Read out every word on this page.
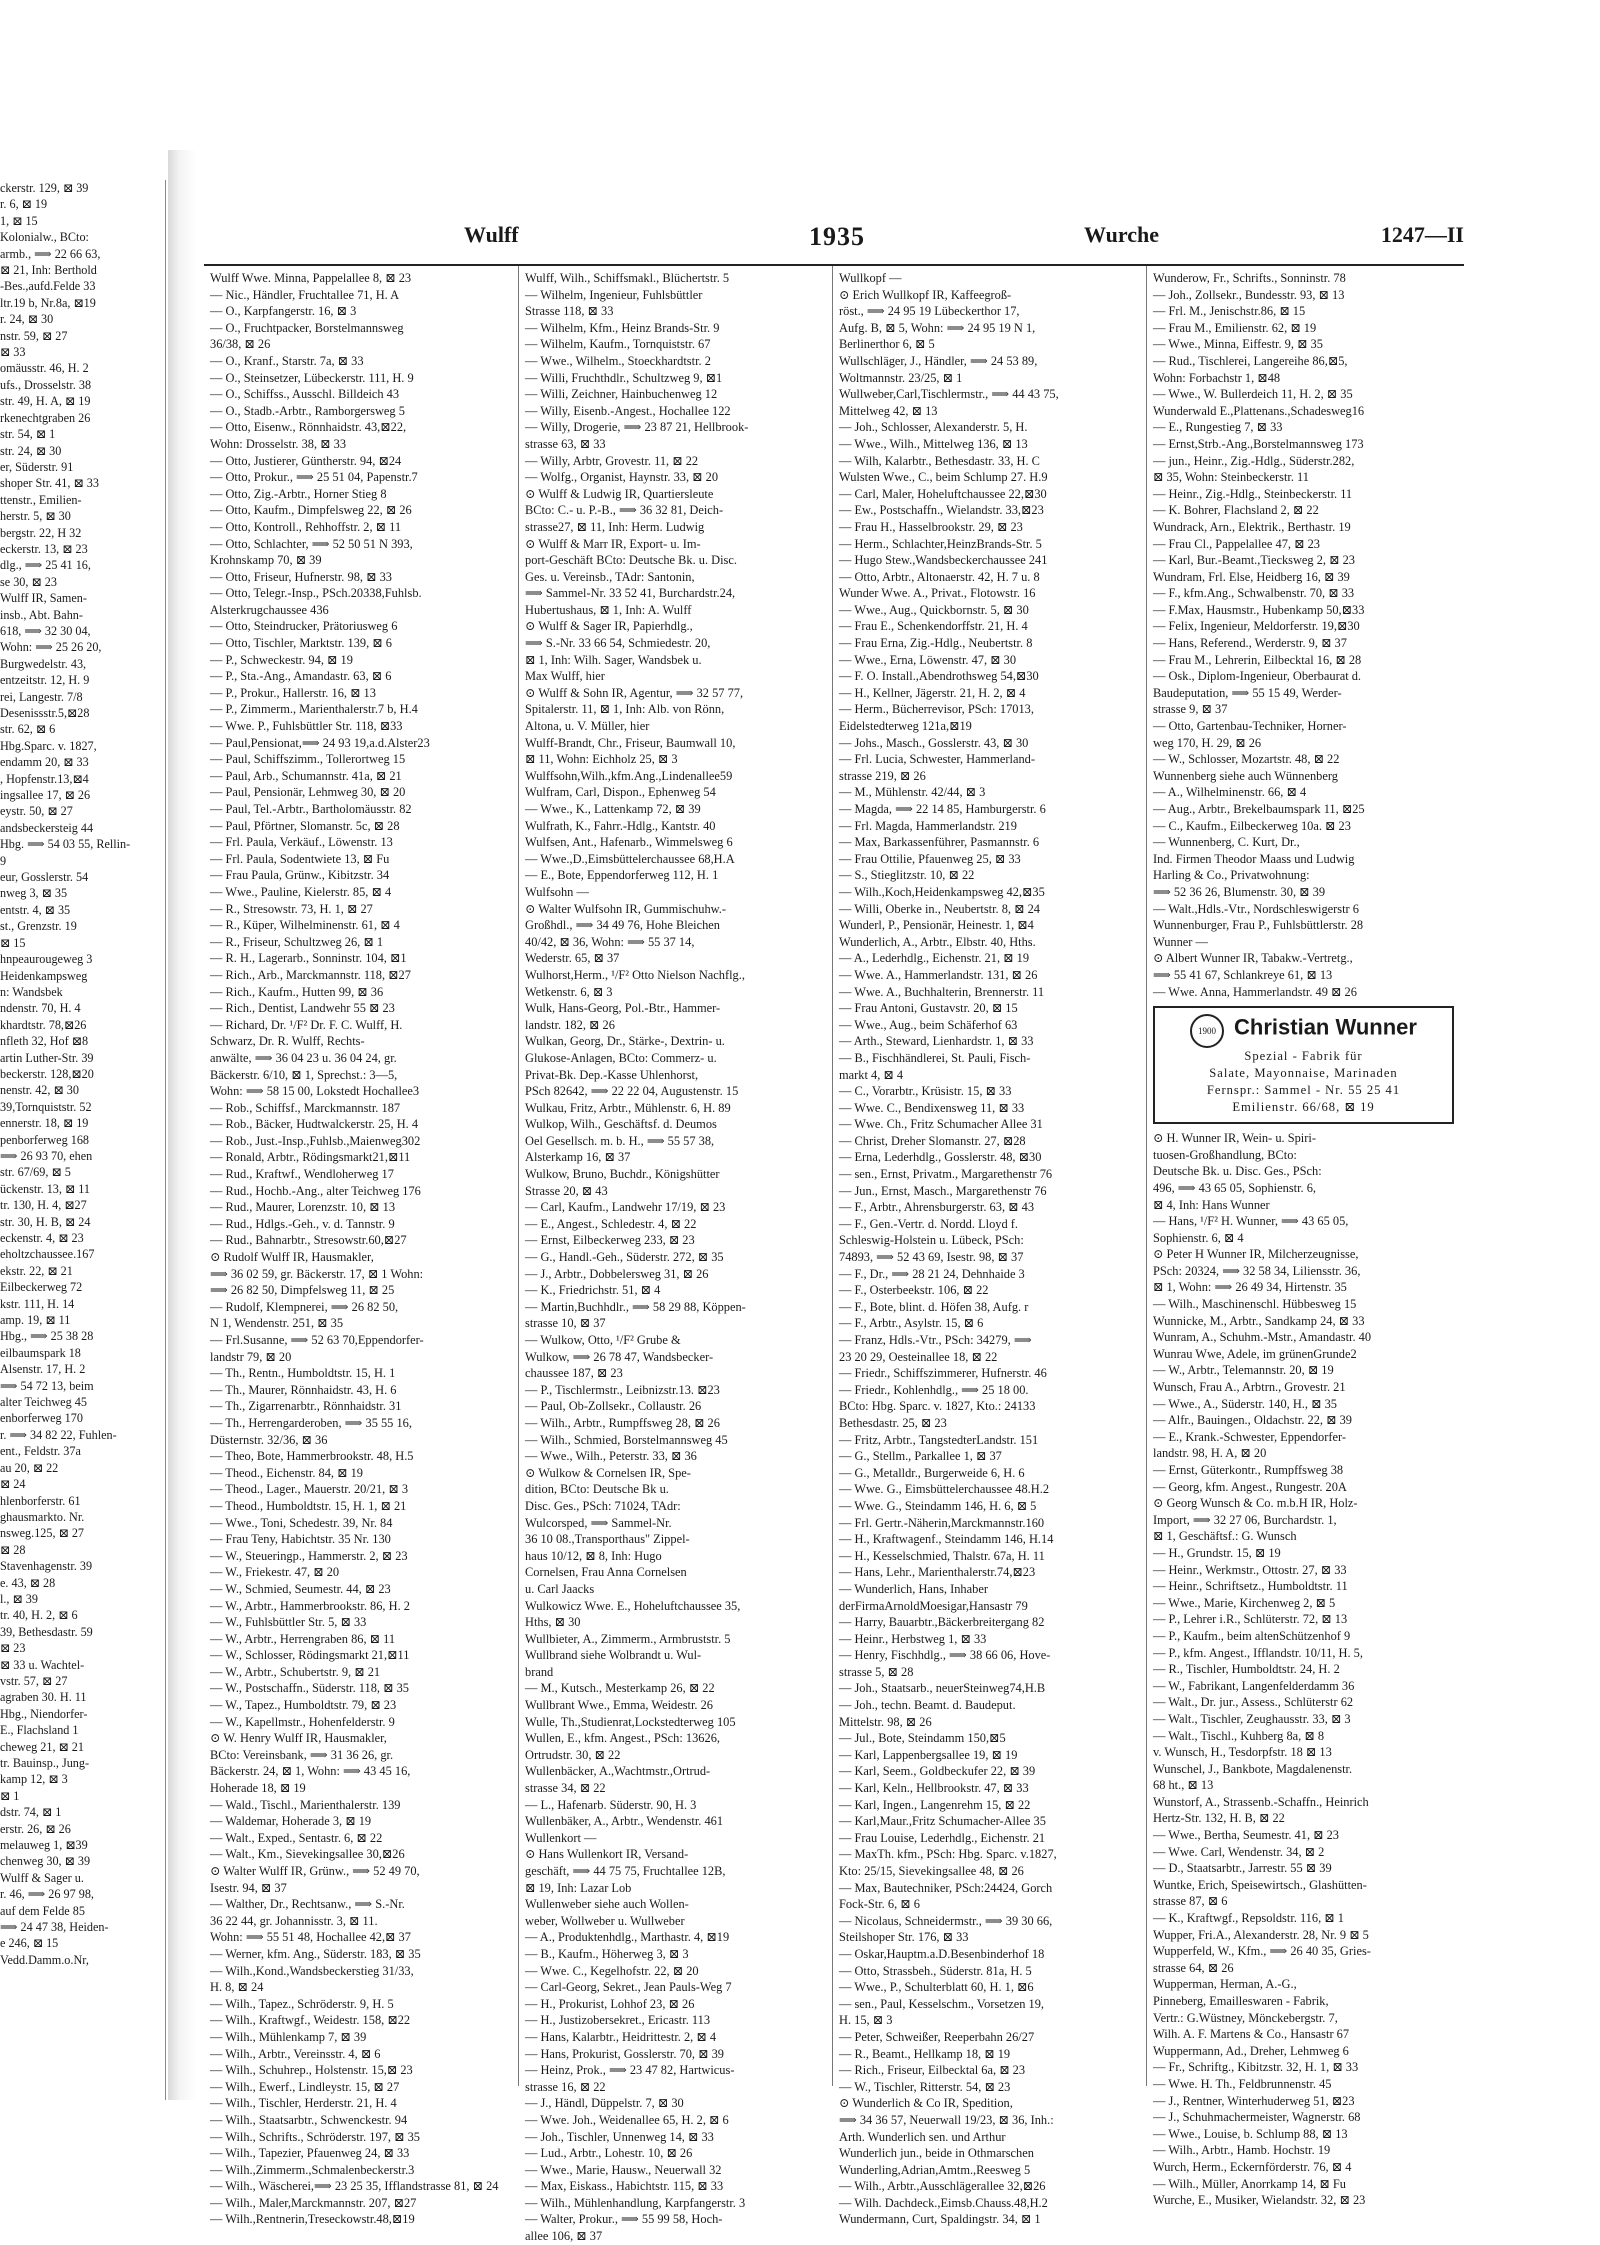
ckerstr. 129, ⊠ 39
r. 6, ⊠ 19
1, ⊠ 15
Kolonialw., BCto:
armb., ⟹ 22 66 63,
⊠ 21, Inh: Berthold
-Bes.,aufd.Felde 33
ltr.19 b, Nr.8a, ⊠19
r. 24, ⊠ 30
nstr. 59, ⊠ 27
⊠ 33
omäusstr. 46, H. 2
ufs., Drosselstr. 38
str. 49, H. A, ⊠ 19
rkenechtgraben 26
str. 54, ⊠ 1
str. 24, ⊠ 30
er, Süderstr. 91
shoper Str. 41, ⊠ 33
ttenstr., Emilien-
herstr. 5, ⊠ 30
bergstr. 22, H 32
eckerstr. 13, ⊠ 23
dlg., ⟹ 25 41 16,
se 30, ⊠ 23
Wulff IR, Samen-
insb., Abt. Bahn-
618, ⟹ 32 30 04,
Wohn: ⟹ 25 26 20,
Burgwedelstr. 43,
entzeitstr. 12, H. 9
rei, Langestr. 7/8
Desenissstr.5,⊠28
str. 62, ⊠ 6
Hbg.Sparc. v. 1827,
endamm 20, ⊠ 33
, Hopfenstr.13,⊠4
ingsallee 17, ⊠ 26
eystr. 50, ⊠ 27
andsbeckersteig 44
Hbg. ⟹ 54 03 55, Rellin-
9
eur, Gosslerstr. 54
nweg 3, ⊠ 35
entstr. 4, ⊠ 35
st., Grenzstr. 19
⊠ 15
hnpeaurougeweg 3
Heidenkampsweg
n: Wandsbek
ndenstr. 70, H. 4
khardtstr. 78,⊠26
nfleth 32, Hof ⊠8
artin Luther-Str. 39
beckerstr. 128,⊠20
nenstr. 42, ⊠ 30
39,Tornquiststr. 52
ennerstr. 18, ⊠ 19
penborferweg 168
⟹ 26 93 70, ehen
str. 67/69, ⊠ 5
ückenstr. 13, ⊠ 11
tr. 130, H. 4, ⊠27
str. 30, H. B, ⊠ 24
eckenstr. 4, ⊠ 23
eholtzchaussee.167
ekstr. 22, ⊠ 21
Eilbeckerweg 72
kstr. 111, H. 14
amp. 19, ⊠ 11
Hbg., ⟹ 25 38 28
eilbaumspark 18
Alsenstr. 17, H. 2
⟹ 54 72 13, beim
alter Teichweg 45
enborferweg 170
r. ⟹ 34 82 22, Fuhlen-
ent., Feldstr. 37a
au 20, ⊠ 22
⊠ 24
hlenborferstr. 61
ghausmarkto. Nr.
nsweg.125, ⊠ 27
⊠ 28
Stavenhagenstr. 39
e. 43, ⊠ 28
l., ⊠ 39
tr. 40, H. 2, ⊠ 6
39, Bethesdastr. 59
⊠ 23
⊠ 33 u. Wachtel-
vstr. 57, ⊠ 27
agraben 30. H. 11
Hbg., Niendorfer-
E., Flachsland 1
cheweg 21, ⊠ 21
tr. Bauinsp., Jung-
kamp 12, ⊠ 3
⊠ 1
dstr. 74, ⊠ 1
erstr. 26, ⊠ 26
melauweg 1, ⊠39
chenweg 30, ⊠ 39
Wulff & Sager u.
r. 46, ⟹ 26 97 98,
auf dem Felde 85
⟹ 24 47 38, Heiden-
e 246, ⊠ 15
Vedd.Damm.o.Nr,
Wulff	1935	Wurche	1247—II
Wulff Wwe. Minna, Pappelallee 8, ⊠ 23
— Nic., Händler, Fruchtallee 71, H. A
— O., Karpfangerstr. 16, ⊠ 3
— O., Fruchtpacker, Borstelmannsweg
36/38, ⊠ 26
— O., Kranf., Starstr. 7a, ⊠ 33
— O., Steinsetzer, Lübeckerstr. 111, H. 9
— O., Schiffss., Ausschl. Billdeich 43
— O., Stadb.-Arbtr., Ramborgersweg 5
— Otto, Eisenw., Rönnhaidstr. 43,⊠22,
Wohn: Drosselstr. 38, ⊠ 33
— Otto, Justierer, Güntherstr. 94, ⊠24
— Otto, Prokur., ⟹ 25 51 04, Papenstr.7
— Otto, Zig.-Arbtr., Horner Stieg 8
— Otto, Kaufm., Dimpfelsweg 22, ⊠ 26
— Otto, Kontroll., Rehhoffstr. 2, ⊠ 11
— Otto, Schlachter, ⟹ 52 50 51 N 393,
Krohnskamp 70, ⊠ 39
— Otto, Friseur, Hufnerstr. 98, ⊠ 33
— Otto, Telegr.-Insp., PSch.20338,Fuhlsb.
Alsterkrugchaussee 436
— Otto, Steindrucker, Prätoriusweg 6
— Otto, Tischler, Marktstr. 139, ⊠ 6
— P., Schweckestr. 94, ⊠ 19
— P., Sta.-Ang., Amandastr. 63, ⊠ 6
— P., Prokur., Hallerstr. 16, ⊠ 13
— P., Zimmerm., Marienthalerstr.7 b, H.4
— Wwe. P., Fuhlsbüttler Str. 118, ⊠33
— Paul,Pensionat,⟹ 24 93 19,a.d.Alster23
— Paul, Schiffszimm., Tollerortweg 15
— Paul, Arb., Schumannstr. 41a, ⊠ 21
— Paul, Pensionär, Lehmweg 30, ⊠ 20
— Paul, Tel.-Arbtr., Bartholomäusstr. 82
— Paul, Pförtner, Slomanstr. 5c, ⊠ 28
— Frl. Paula, Verkäuf., Löwenstr. 13
— Frl. Paula, Sodentwiete 13, ⊠ Fu
— Frau Paula, Grünw., Kibitzstr. 34
— Wwe., Pauline, Kielerstr. 85, ⊠ 4
— R., Stresowstr. 73, H. 1, ⊠ 27
— R., Küper, Wilhelminenstr. 61, ⊠ 4
— R., Friseur, Schultzweg 26, ⊠ 1
— R. H., Lagerarb., Sonninstr. 104, ⊠1
— Rich., Arb., Marckmannstr. 118, ⊠27
— Rich., Kaufm., Hutten 99, ⊠ 36
— Rich., Dentist, Landwehr 55 ⊠ 23
— Richard, Dr. ¹/F² Dr. F. C. Wulff, H.
Schwarz, Dr. R. Wulff, Rechts-
anwälte, ⟹ 36 04 23 u. 36 04 24, gr.
Bäckerstr. 6/10, ⊠ 1, Sprechst.: 3—5,
Wohn: ⟹ 58 15 00, Lokstedt Hochallee3
— Rob., Schiffsf., Marckmannstr. 187
— Rob., Bäcker, Hudtwalckerstr. 25, H. 4
— Rob., Just.-Insp.,Fuhlsb.,Maienweg302
— Ronald, Arbtr., Rödingsmarkt21,⊠11
— Rud., Kraftwf., Wendloherweg 17
— Rud., Hochb.-Ang., alter Teichweg 176
— Rud., Maurer, Lorenzstr. 10, ⊠ 13
— Rud., Hdlgs.-Geh., v. d. Tannstr. 9
— Rud., Bahnarbtr., Stresowstr.60,⊠27
⊙ Rudolf Wulff IR, Hausmakler,
⟹ 36 02 59, gr. Bäckerstr. 17, ⊠ 1 Wohn:
⟹ 26 82 50, Dimpfelsweg 11, ⊠ 25
— Rudolf, Klempnerei, ⟹ 26 82 50,
N 1, Wendenstr. 251, ⊠ 35
— Frl.Susanne, ⟹ 52 63 70,Eppendorfer-
landstr 79, ⊠ 20
— Th., Rentn., Humboldtstr. 15, H. 1
— Th., Maurer, Rönnhaidstr. 43, H. 6
— Th., Zigarrenarbtr., Rönnhaidstr. 31
— Th., Herrengarderoben, ⟹ 35 55 16,
Düsternstr. 32/36, ⊠ 36
— Theo, Bote, Hammerbrookstr. 48, H.5
— Theod., Eichenstr. 84, ⊠ 19
— Theod., Lager., Mauerstr. 20/21, ⊠ 3
— Theod., Humboldtstr. 15, H. 1, ⊠ 21
— Wwe., Toni, Schedestr. 39, Nr. 84
— Frau Teny, Habichtstr. 35 Nr. 130
— W., Steueringp., Hammerstr. 2, ⊠ 23
— W., Friekestr. 47, ⊠ 20
— W., Schmied, Seumestr. 44, ⊠ 23
— W., Arbtr., Hammerbrookstr. 86, H. 2
— W., Fuhlsbüttler Str. 5, ⊠ 33
— W., Arbtr., Herrengraben 86, ⊠ 11
— W., Schlosser, Rödingsmarkt 21,⊠11
— W., Arbtr., Schubertstr. 9, ⊠ 21
— W., Postschaffn., Süderstr. 118, ⊠ 35
— W., Tapez., Humboldtstr. 79, ⊠ 23
— W., Kapellmstr., Hohenfelderstr. 9
⊙ W. Henry Wulff IR, Hausmakler,
BCto: Vereinsbank, ⟹ 31 36 26, gr.
Bäckerstr. 24, ⊠ 1, Wohn: ⟹ 43 45 16,
Hoherade 18, ⊠ 19
— Wald., Tischl., Marienthalerstr. 139
— Waldemar, Hoherade 3, ⊠ 19
— Walt., Exped., Sentastr. 6, ⊠ 22
— Walt., Km., Sievekingsallee 30,⊠26
⊙ Walter Wulff IR, Grünw., ⟹ 52 49 70,
Isestr. 94, ⊠ 37
— Walther, Dr., Rechtsanw., ⟹ S.-Nr.
36 22 44, gr. Johannisstr. 3, ⊠ 11.
Wohn: ⟹ 55 51 48, Hochallee 42,⊠ 37
— Werner, kfm. Ang., Süderstr. 183, ⊠ 35
— Wilh.,Kond.,Wandsbeckerstieg 31/33,
H. 8, ⊠ 24
— Wilh., Tapez., Schröderstr. 9, H. 5
— Wilh., Kraftwgf., Weidestr. 158, ⊠22
— Wilh., Mühlenkamp 7, ⊠ 39
— Wilh., Arbtr., Vereinsstr. 4, ⊠ 6
— Wilh., Schuhrep., Holstenstr. 15,⊠ 23
— Wilh., Ewerf., Lindleystr. 15, ⊠ 27
— Wilh., Tischler, Herderstr. 21, H. 4
— Wilh., Staatsarbtr., Schwenckestr. 94
— Wilh., Schrifts., Schröderstr. 197, ⊠ 35
— Wilh., Tapezier, Pfauenweg 24, ⊠ 33
— Wilh.,Zimmerm.,Schmalenbeckerstr.3
— Wilh., Wäscherei,⟹ 23 25 35, Ifflandstrasse 81, ⊠ 24
— Wilh., Maler,Marckmannstr. 207, ⊠27
— Wilh.,Rentnerin,Treseckowstr.48,⊠19
Wulff, Wilh., Schiffsmakl., Blüchertstr. 5
— Wilhelm, Ingenieur, Fuhlsbüttler
Strasse 118, ⊠ 33
— Wilhelm, Kfm., Heinz Brands-Str. 9
— Wilhelm, Kaufm., Tornquiststr. 67
— Wwe., Wilhelm., Stoeckhardtstr. 2
— Willi, Fruchthdlr., Schultzweg 9, ⊠1
— Willi, Zeichner, Hainbuchenweg 12
— Willy, Eisenb.-Angest., Hochallee 122
— Willy, Drogerie, ⟹ 23 87 21, Hellbrook-
strasse 63, ⊠ 33
— Willy, Arbtr, Grovestr. 11, ⊠ 22
— Wolfg., Organist, Haynstr. 33, ⊠ 20
⊙ Wulff & Ludwig IR, Quartiersleute
BCto: C.- u. P.-B., ⟹ 36 32 81, Deich-
strasse27, ⊠ 11, Inh: Herm. Ludwig
⊙ Wulff & Marr IR, Export- u. Im-
port-Geschäft BCto: Deutsche Bk. u. Disc.
Ges. u. Vereinsb., TAdr: Santonin,
⟹ Sammel-Nr. 33 52 41, Burchardstr.24,
Hubertushaus, ⊠ 1, Inh: A. Wulff
⊙ Wulff & Sager IR, Papierhdlg.,
⟹ S.-Nr. 33 66 54, Schmiedestr. 20,
⊠ 1, Inh: Wilh. Sager, Wandsbek u.
Max Wulff, hier
⊙ Wulff & Sohn IR, Agentur, ⟹ 32 57 77,
Spitalerstr. 11, ⊠ 1, Inh: Alb. von Rönn,
Altona, u. V. Müller, hier
Wulff-Brandt, Chr., Friseur, Baumwall 10,
⊠ 11, Wohn: Eichholz 25, ⊠ 3
Wulffsohn,Wilh.,kfm.Ang.,Lindenallee59
Wulfram, Carl, Dispon., Ephenweg 54
— Wwe., K., Lattenkamp 72, ⊠ 39
Wulfrath, K., Fahrr.-Hdlg., Kantstr. 40
Wulfsen, Ant., Hafenarb., Wimmelsweg 6
— Wwe.,D.,Eimsbüttelerchaussee 68,H.A
— E., Bote, Eppendorferweg 112, H. 1
Wulfsohn —
⊙ Walter Wulfsohn IR, Gummischuhw.-
Großhdl., ⟹ 34 49 76, Hohe Bleichen
40/42, ⊠ 36, Wohn: ⟹ 55 37 14,
Wederstr. 65, ⊠ 37
Wulhorst,Herm., ¹/F² Otto Nielson Nachflg.,
Wetkenstr. 6, ⊠ 3
Wulk, Hans-Georg, Pol.-Btr., Hammer-
landstr. 182, ⊠ 26
Wulkan, Georg, Dr., Stärke-, Dextrin- u.
Glukose-Anlagen, BCto: Commerz- u.
Privat-Bk. Dep.-Kasse Uhlenhorst,
PSch 82642, ⟹ 22 22 04, Augustenstr. 15
Wulkau, Fritz, Arbtr., Mühlenstr. 6, H. 89
Wulkop, Wilh., Geschäftsf. d. Deumos
Oel Gesellsch. m. b. H., ⟹ 55 57 38,
Alsterkamp 16, ⊠ 37
Wulkow, Bruno, Buchdr., Königshütter
Strasse 20, ⊠ 43
— Carl, Kaufm., Landwehr 17/19, ⊠ 23
— E., Angest., Schledestr. 4, ⊠ 22
— Ernst, Eilbeckerweg 233, ⊠ 23
— G., Handl.-Geh., Süderstr. 272, ⊠ 35
— J., Arbtr., Dobbelersweg 31, ⊠ 26
— K., Friedrichstr. 51, ⊠ 4
— Martin,Buchhdlr., ⟹ 58 29 88, Köppen-
strasse 10, ⊠ 37
— Wulkow, Otto, ¹/F² Grube &
Wulkow, ⟹ 26 78 47, Wandsbecker-
chaussee 187, ⊠ 23
— P., Tischlermstr., Leibnizstr.13. ⊠23
— Paul, Ob-Zollsekr., Collaustr. 26
— Wilh., Arbtr., Rumpffsweg 28, ⊠ 26
— Wilh., Schmied, Borstelmannsweg 45
— Wwe., Wilh., Peterstr. 33, ⊠ 36
⊙ Wulkow & Cornelsen IR, Spe-
dition, BCto: Deutsche Bk u.
Disc. Ges., PSch: 71024, TAdr:
Wulcorsped, ⟹ Sammel-Nr.
36 10 08.,Transporthaus" Zippel-
haus 10/12, ⊠ 8, Inh: Hugo
Cornelsen, Frau Anna Cornelsen
u. Carl Jaacks
Wulkowicz Wwe. E., Hoheluftchaussee 35,
Hths, ⊠ 30
Wullbieter, A., Zimmerm., Armbruststr. 5
Wullbrand siehe Wolbrandt u. Wul-
brand
— M., Kutsch., Mesterkamp 26, ⊠ 22
Wullbrant Wwe., Emma, Weidestr. 26
Wulle, Th.,Studienrat,Lockstedterweg 105
Wullen, E., kfm. Angest., PSch: 13626,
Ortrudstr. 30, ⊠ 22
Wullenbäcker, A.,Wachtmstr.,Ortrud-
strasse 34, ⊠ 22
— L., Hafenarb. Süderstr. 90, H. 3
Wullenbäker, A., Arbtr., Wendenstr. 461
Wullenkort —
⊙ Hans Wullenkort IR, Versand-
geschäft, ⟹ 44 75 75, Fruchtallee 12B,
⊠ 19, Inh: Lazar Lob
Wullenweber siehe auch Wollen-
weber, Wollweber u. Wullweber
— A., Produktenhdlg., Marthastr. 4, ⊠19
— B., Kaufm., Höherweg 3, ⊠ 3
— Wwe. C., Kegelhofstr. 22, ⊠ 20
— Carl-Georg, Sekret., Jean Pauls-Weg 7
— H., Prokurist, Lohhof 23, ⊠ 26
— H., Justizobersekret., Ericastr. 113
— Hans, Kalarbtr., Heidrittestr. 2, ⊠ 4
— Hans, Prokurist, Gosslerstr. 70, ⊠ 39
— Heinz, Prok., ⟹ 23 47 82, Hartwicus-
strasse 16, ⊠ 22
— J., Händl, Düppelstr. 7, ⊠ 30
— Wwe. Joh., Weidenallee 65, H. 2, ⊠ 6
— Joh., Tischler, Unnenweg 14, ⊠ 33
— Lud., Arbtr., Lohestr. 10, ⊠ 26
— Wwe., Marie, Hausw., Neuerwall 32
— Max, Eiskass., Habichtstr. 115, ⊠ 33
— Wilh., Mühlenhandlung, Karpfangerstr. 3
— Walter, Prokur., ⟹ 55 99 58, Hoch-
allee 106, ⊠ 37
Wullkopf —
⊙ Erich Wullkopf IR, Kaffeegroß-
röst., ⟹ 24 95 19 Lübeckerthor 17,
Aufg. B, ⊠ 5, Wohn: ⟹ 24 95 19 N 1,
Berlinerthor 6, ⊠ 5
Wullschläger, J., Händler, ⟹ 24 53 89,
Woltmannstr. 23/25, ⊠ 1
Wullweber,Carl,Tischlermstr., ⟹ 44 43 75,
Mittelweg 42, ⊠ 13
— Joh., Schlosser, Alexanderstr. 5, H.
— Wwe., Wilh., Mittelweg 136, ⊠ 13
— Wilh, Kalarbtr., Bethesdastr. 33, H. C
Wulsten Wwe., C., beim Schlump 27. H.9
— Carl, Maler, Hoheluftchaussee 22,⊠30
— Ew., Postschaffn., Wielandstr. 33,⊠23
— Frau H., Hasselbrookstr. 29, ⊠ 23
— Herm., Schlachter,HeinzBrands-Str. 5
— Hugo Stew.,Wandsbeckerchaussee 241
— Otto, Arbtr., Altonaerstr. 42, H. 7 u. 8
Wunder Wwe. A., Privat., Flotowstr. 16
— Wwe., Aug., Quickbornstr. 5, ⊠ 30
— Frau E., Schenkendorffstr. 21, H. 4
— Frau Erna, Zig.-Hdlg., Neubertstr. 8
— Wwe., Erna, Löwenstr. 47, ⊠ 30
— F. O. Install.,Abendrothsweg 54,⊠30
— H., Kellner, Jägerstr. 21, H. 2, ⊠ 4
— Herm., Bücherrevisor, PSch: 17013,
Eidelstedterweg 121a,⊠19
— Johs., Masch., Gosslerstr. 43, ⊠ 30
— Frl. Lucia, Schwester, Hammerland-
strasse 219, ⊠ 26
— M., Mühlenstr. 42/44, ⊠ 3
— Magda, ⟹ 22 14 85, Hamburgerstr. 6
— Frl. Magda, Hammerlandstr. 219
— Max, Barkassenführer, Pasmannstr. 6
— Frau Ottilie, Pfauenweg 25, ⊠ 33
— S., Stieglitzstr. 10, ⊠ 22
— Wilh.,Koch,Heidenkampsweg 42,⊠35
— Willi, Oberke in., Neubertstr. 8, ⊠ 24
Wunderl, P., Pensionär, Heinestr. 1, ⊠4
Wunderlich, A., Arbtr., Elbstr. 40, Hths.
— A., Lederhdlg., Eichenstr. 21, ⊠ 19
— Wwe. A., Hammerlandstr. 131, ⊠ 26
— Wwe. A., Buchhalterin, Brennerstr. 11
— Frau Antoni, Gustavstr. 20, ⊠ 15
— Wwe., Aug., beim Schäferhof 63
— Arth., Steward, Lienhardstr. 1, ⊠ 33
— B., Fischhändlerei, St. Pauli, Fisch-
markt 4, ⊠ 4
— C., Vorarbtr., Krüsistr. 15, ⊠ 33
— Wwe. C., Bendixensweg 11, ⊠ 33
— Wwe. Ch., Fritz Schumacher Allee 31
— Christ, Dreher Slomanstr. 27, ⊠28
— Erna, Lederhdlg., Gosslerstr. 48, ⊠30
— sen., Ernst, Privatm., Margarethenstr 76
— Jun., Ernst, Masch., Margarethenstr 76
— F., Arbtr., Ahrensburgerstr. 63, ⊠ 43
— F., Gen.-Vertr. d. Nordd. Lloyd f.
Schleswig-Holstein u. Lübeck, PSch:
74893, ⟹ 52 43 69, Isestr. 98, ⊠ 37
— F., Dr., ⟹ 28 21 24, Dehnhaide 3
— F., Osterbeekstr. 106, ⊠ 22
— F., Bote, blint. d. Höfen 38, Aufg. r
— F., Arbtr., Asylstr. 15, ⊠ 6
— Franz, Hdls.-Vtr., PSch: 34279, ⟹
23 20 29, Oesteinallee 18, ⊠ 22
— Friedr., Schiffszimmerer, Hufnerstr. 46
— Friedr., Kohlenhdlg., ⟹ 25 18 00.
BCto: Hbg. Sparc. v. 1827, Kto.: 24133
Bethesdastr. 25, ⊠ 23
— Fritz, Arbtr., TangstedterLandstr. 151
— G., Stellm., Parkallee 1, ⊠ 37
— G., Metalldr., Burgerweide 6, H. 6
— Wwe. G., Eimsbüttelerchaussee 48.H.2
— Wwe. G., Steindamm 146, H. 6, ⊠ 5
— Frl. Gertr.-Näherin,Marckmannstr.160
— H., Kraftwagenf., Steindamm 146, H.14
— H., Kesselschmied, Thalstr. 67a, H. 11
— Hans, Lehr., Marienthalerstr.74,⊠23
— Wunderlich, Hans, Inhaber
derFirmaArnoldMoesigar,Hansastr 79
— Harry, Bauarbtr.,Bäckerbreitergang 82
— Heinr., Herbstweg 1, ⊠ 33
— Henry, Fischhdlg., ⟹ 38 66 06, Hove-
strasse 5, ⊠ 28
— Joh., Staatsarb., neuerSteinweg74,H.B
— Joh., techn. Beamt. d. Baudeput.
Mittelstr. 98, ⊠ 26
— Jul., Bote, Steindamm 150,⊠5
— Karl, Lappenbergsallee 19, ⊠ 19
— Karl, Seem., Goldbeckufer 22, ⊠ 39
— Karl, Keln., Hellbrookstr. 47, ⊠ 33
— Karl, Ingen., Langenrehm 15, ⊠ 22
— Karl,Maur.,Fritz Schumacher-Allee 35
— Frau Louise, Lederhdlg., Eichenstr. 21
— MaxTh. kfm., PSch: Hbg. Sparc. v.1827,
Kto: 25/15, Sievekingsallee 48, ⊠ 26
— Max, Bautechniker, PSch:24424, Gorch
Fock-Str. 6, ⊠ 6
— Nicolaus, Schneidermstr., ⟹ 39 30 66,
Steilshoper Str. 176, ⊠ 33
— Oskar,Hauptm.a.D.Besenbinderhof 18
— Otto, Strassbeh., Süderstr. 81a, H. 5
— Wwe., P., Schulterblatt 60, H. 1, ⊠6
— sen., Paul, Kesselschm., Vorsetzen 19,
H. 15, ⊠ 3
— Peter, Schweißer, Reeperbahn 26/27
— R., Beamt., Hellkamp 18, ⊠ 19
— Rich., Friseur, Eilbecktal 6a, ⊠ 23
— W., Tischler, Ritterstr. 54, ⊠ 23
⊙ Wunderlich & Co IR, Spedition,
⟹ 34 36 57, Neuerwall 19/23, ⊠ 36, Inh.:
Arth. Wunderlich sen. und Arthur
Wunderlich jun., beide in Othmarschen
Wunderling,Adrian,Amtm.,Reesweg 5
— Wilh., Arbtr.,Ausschlägerallee 32,⊠26
— Wilh. Dachdeck.,Eimsb.Chauss.48,H.2
Wundermann, Curt, Spaldingstr. 34, ⊠ 1
Wunderow, Fr., Schrifts., Sonninstr. 78
— Joh., Zollsekr., Bundesstr. 93, ⊠ 13
— Frl. M., Jenischstr.86, ⊠ 15
— Frau M., Emilienstr. 62, ⊠ 19
— Wwe., Minna, Eiffestr. 9, ⊠ 35
— Rud., Tischlerei, Langereihe 86,⊠5,
Wohn: Forbachstr 1, ⊠48
— Wwe., W. Bullerdeich 11, H. 2, ⊠ 35
Wunderwald E.,Plattenans.,Schadesweg16
— E., Rungestieg 7, ⊠ 33
— Ernst,Strb.-Ang.,Borstelmannsweg 173
— jun., Heinr., Zig.-Hdlg., Süderstr.282,
⊠ 35, Wohn: Steinbeckerstr. 11
— Heinr., Zig.-Hdlg., Steinbeckerstr. 11
— K. Bohrer, Flachsland 2, ⊠ 22
Wundrack, Arn., Elektrik., Berthastr. 19
— Frau Cl., Pappelallee 47, ⊠ 23
— Karl, Bur.-Beamt.,Tiecksweg 2, ⊠ 23
Wundram, Frl. Else, Heidberg 16, ⊠ 39
— F., kfm.Ang., Schwalbenstr. 70, ⊠ 33
— F.Max, Hausmstr., Hubenkamp 50,⊠33
— Felix, Ingenieur, Meldorferstr. 19,⊠30
— Hans, Referend., Werderstr. 9, ⊠ 37
— Frau M., Lehrerin, Eilbecktal 16, ⊠ 28
— Osk., Diplom-Ingenieur, Oberbaurat d.
Baudeputation, ⟹ 55 15 49, Werder-
strasse 9, ⊠ 37
— Otto, Gartenbau-Techniker, Horner-
weg 170, H. 29, ⊠ 26
— W., Schlosser, Mozartstr. 48, ⊠ 22
Wunnenberg siehe auch Wünnenberg
— A., Wilhelminenstr. 66, ⊠ 4
— Aug., Arbtr., Brekelbaumspark 11, ⊠25
— C., Kaufm., Eilbeckerweg 10a. ⊠ 23
— Wunnenberg, C. Kurt, Dr.,
Ind. Firmen Theodor Maass und Ludwig
Harling & Co., Privatwohnung:
⟹ 52 36 26, Blumenstr. 30, ⊠ 39
— Walt.,Hdls.-Vtr., Nordschleswigerstr 6
Wunnenburger, Frau P., Fuhlsbüttlerstr. 28
Wunner —
⊙ Albert Wunner IR, Tabakw.-Vertretg.,
⟹ 55 41 67, Schlankreye 61, ⊠ 13
— Wwe. Anna, Hammerlandstr. 49 ⊠ 26
1900 Christian Wunner
Spezial - Fabrik für
Salate, Mayonnaise, Marinaden
Fernspr.: Sammel - Nr. 55 25 41
Emilienstr. 66/68, ⊠ 19
⊙ H. Wunner IR, Wein- u. Spiri-
tuosen-Großhandlung, BCto:
Deutsche Bk. u. Disc. Ges., PSch:
496, ⟹ 43 65 05, Sophienstr. 6,
⊠ 4, Inh: Hans Wunner
— Hans, ¹/F² H. Wunner, ⟹ 43 65 05,
Sophienstr. 6, ⊠ 4
⊙ Peter H Wunner IR, Milcherzeugnisse,
PSch: 20324, ⟹ 32 58 34, Liliensstr. 36,
⊠ 1, Wohn: ⟹ 26 49 34, Hirtenstr. 35
— Wilh., Maschinenschl. Hübbesweg 15
Wunnicke, M., Arbtr., Sandkamp 24, ⊠ 33
Wunram, A., Schuhm.-Mstr., Amandastr. 40
Wunrau Wwe, Adele, im grünenGrunde2
— W., Arbtr., Telemannstr. 20, ⊠ 19
Wunsch, Frau A., Arbtrn., Grovestr. 21
— Wwe., A., Süderstr. 140, H., ⊠ 35
— Alfr., Bauingen., Oldachstr. 22, ⊠ 39
— E., Krank.-Schwester, Eppendorfer-
landstr. 98, H. A, ⊠ 20
— Ernst, Güterkontr., Rumpffsweg 38
— Georg, kfm. Angest., Rungestr. 20A
⊙ Georg Wunsch & Co. m.b.H IR, Holz-
Import, ⟹ 32 27 06, Burchardstr. 1,
⊠ 1, Geschäftsf.: G. Wunsch
— H., Grundstr. 15, ⊠ 19
— Heinr., Werkmstr., Ottostr. 27, ⊠ 33
— Heinr., Schriftsetz., Humboldtstr. 11
— Wwe., Marie, Kirchenweg 2, ⊠ 5
— P., Lehrer i.R., Schlüterstr. 72, ⊠ 13
— P., Kaufm., beim altenSchützenhof 9
— P., kfm. Angest., Ifflandstr. 10/11, H. 5,
— R., Tischler, Humboldtstr. 24, H. 2
— W., Fabrikant, Langenfelderdamm 36
— Walt., Dr. jur., Assess., Schlüterstr 62
— Walt., Tischler, Zeughausstr. 33, ⊠ 3
— Walt., Tischl., Kuhberg 8a, ⊠ 8
v. Wunsch, H., Tesdorpfstr. 18 ⊠ 13
Wunschel, J., Bankbote, Magdalenenstr.
68 ht., ⊠ 13
Wunstorf, A., Strassenb.-Schaffn., Heinrich
Hertz-Str. 132, H. B, ⊠ 22
— Wwe., Bertha, Seumestr. 41, ⊠ 23
— Wwe. Carl, Wendenstr. 34, ⊠ 2
— D., Staatsarbtr., Jarrestr. 55 ⊠ 39
Wuntke, Erich, Speisewirtsch., Glashütten-
strasse 87, ⊠ 6
— K., Kraftwgf., Repsoldstr. 116, ⊠ 1
Wupper, Fri.A., Alexanderstr. 28, Nr. 9 ⊠ 5
Wupperfeld, W., Kfm., ⟹ 26 40 35, Gries-
strasse 64, ⊠ 26
Wupperman, Herman, A.-G.,
Pinneberg, Emailleswaren - Fabrik,
Vertr.: G.Wüstney, Mönckebergstr. 7,
Wilh. A. F. Martens & Co., Hansastr 67
Wuppermann, Ad., Dreher, Lehmweg 6
— Fr., Schriftg., Kibitzstr. 32, H. 1, ⊠ 33
— Wwe. H. Th., Feldbrunnenstr. 45
— J., Rentner, Winterhuderweg 51, ⊠23
— J., Schuhmachermeister, Wagnerstr. 68
— Wwe., Louise, b. Schlump 88, ⊠ 13
— Wilh., Arbtr., Hamb. Hochstr. 19
Wurch, Herm., Eckernförderstr. 76, ⊠ 4
— Wilh., Müller, Anorrkamp 14, ⊠ Fu
Wurche, E., Musiker, Wielandstr. 32, ⊠ 23
